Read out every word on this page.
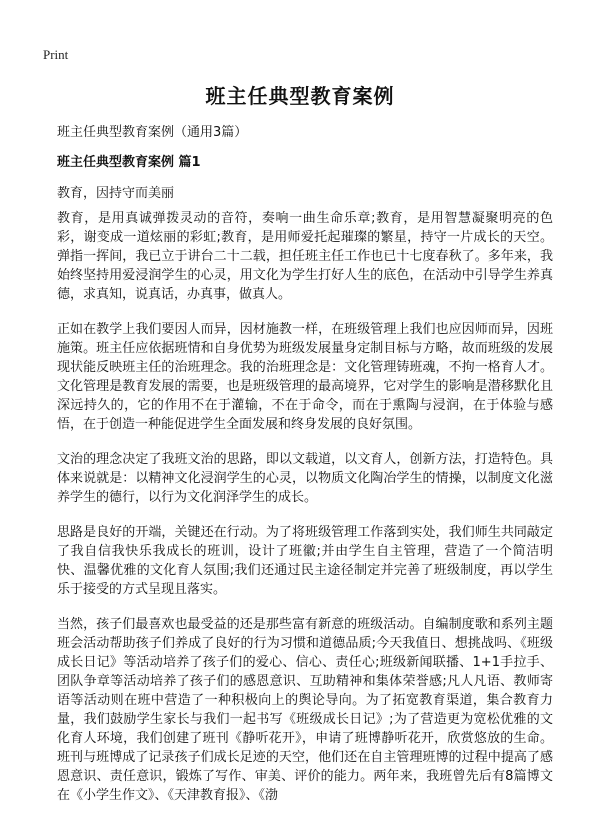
Print
班主任典型教育案例
班主任典型教育案例（通用3篇）
班主任典型教育案例 篇1
教育，因持守而美丽

教育，是用真诚弹拨灵动的音符，奏响一曲生命乐章;教育，是用智慧凝聚明亮的色彩，谢变成一道炫丽的彩虹;教育，是用师爱托起璀璨的繁星，持守一片成长的天空。弹指一挥间，我已立于讲台二十二载，担任班主任工作也已十七度春秋了。多年来，我始终坚持用爱浸润学生的心灵，用文化为学生打好人生的底色，在活动中引导学生养真德，求真知，说真话，办真事，做真人。

正如在教学上我们要因人而异，因材施教一样，在班级管理上我们也应因师而异，因班施策。班主任应依据班情和自身优势为班级发展量身定制目标与方略，故而班级的发展现状能反映班主任的治班理念。我的治班理念是：文化管理铸班魂，不拘一格育人才。文化管理是教育发展的需要，也是班级管理的最高境界，它对学生的影响是潜移默化且深远持久的，它的作用不在于灌输，不在于命令，而在于熏陶与浸润，在于体验与感悟，在于创造一种能促进学生全面发展和终身发展的良好氛围。

文治的理念决定了我班文治的思路，即以文载道，以文育人，创新方法，打造特色。具体来说就是：以精神文化浸润学生的心灵，以物质文化陶冶学生的情操，以制度文化滋养学生的德行，以行为文化润泽学生的成长。

思路是良好的开端，关键还在行动。为了将班级管理工作落到实处，我们师生共同敲定了我自信我快乐我成长的班训，设计了班徽;并由学生自主管理，营造了一个简洁明快、温馨优雅的文化育人氛围;我们还通过民主途径制定并完善了班级制度，再以学生乐于接受的方式呈现且落实。

当然，孩子们最喜欢也最受益的还是那些富有新意的班级活动。自编制度歌和系列主题班会活动帮助孩子们养成了良好的行为习惯和道德品质;今天我值日、想挑战吗、《班级成长日记》等活动培养了孩子们的爱心、信心、责任心;班级新闻联播、1+1手拉手、团队争章等活动培养了孩子们的感恩意识、互助精神和集体荣誉感;凡人凡语、教师寄语等活动则在班中营造了一种积极向上的舆论导向。为了拓宽教育渠道，集合教育力量，我们鼓励学生家长与我们一起书写《班级成长日记》;为了营造更为宽松优雅的文化育人环境，我们创建了班刊《静听花开》，申请了班博静听花开，欣赏悠放的生命。班刊与班博成了记录孩子们成长足迹的天空，他们还在自主管理班博的过程中提高了感恩意识、责任意识，锻炼了写作、审美、评价的能力。两年来，我班曾先后有8篇博文在《小学生作文》、《天津教育报》、《渤
